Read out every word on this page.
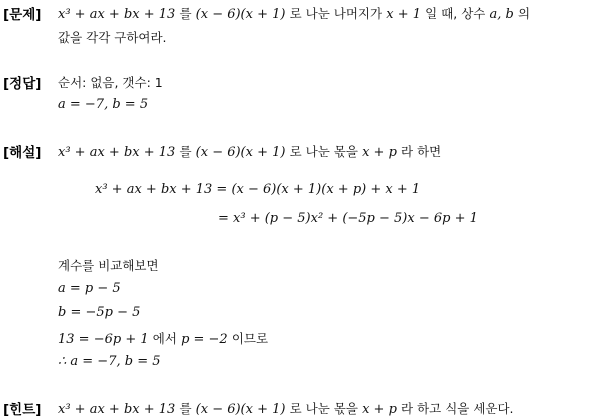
[문제] x³ + ax + bx + 13 를 (x − 6)(x + 1) 로 나눈 나머지가 x + 1 일 때, 상수 a, b 의
값을 각각 구하여라.
[정답] 순서: 없음, 갯수: 1
a = −7, b = 5
[해설] x³ + ax + bx + 13 를 (x − 6)(x + 1) 로 나눈 몫을 x + p 라 하면
x³ + ax + bx + 13 = (x − 6)(x + 1)(x + p) + x + 1
= x³ + (p − 5)x² + (−5p − 5)x − 6p + 1
계수를 비교해보면
a = p − 5
b = −5p − 5
13 = −6p + 1 에서 p = −2 이므로
∴ a = −7, b = 5
[힌트] x³ + ax + bx + 13 를 (x − 6)(x + 1) 로 나눈 몫을 x + p 라 하고 식을 세운다.
